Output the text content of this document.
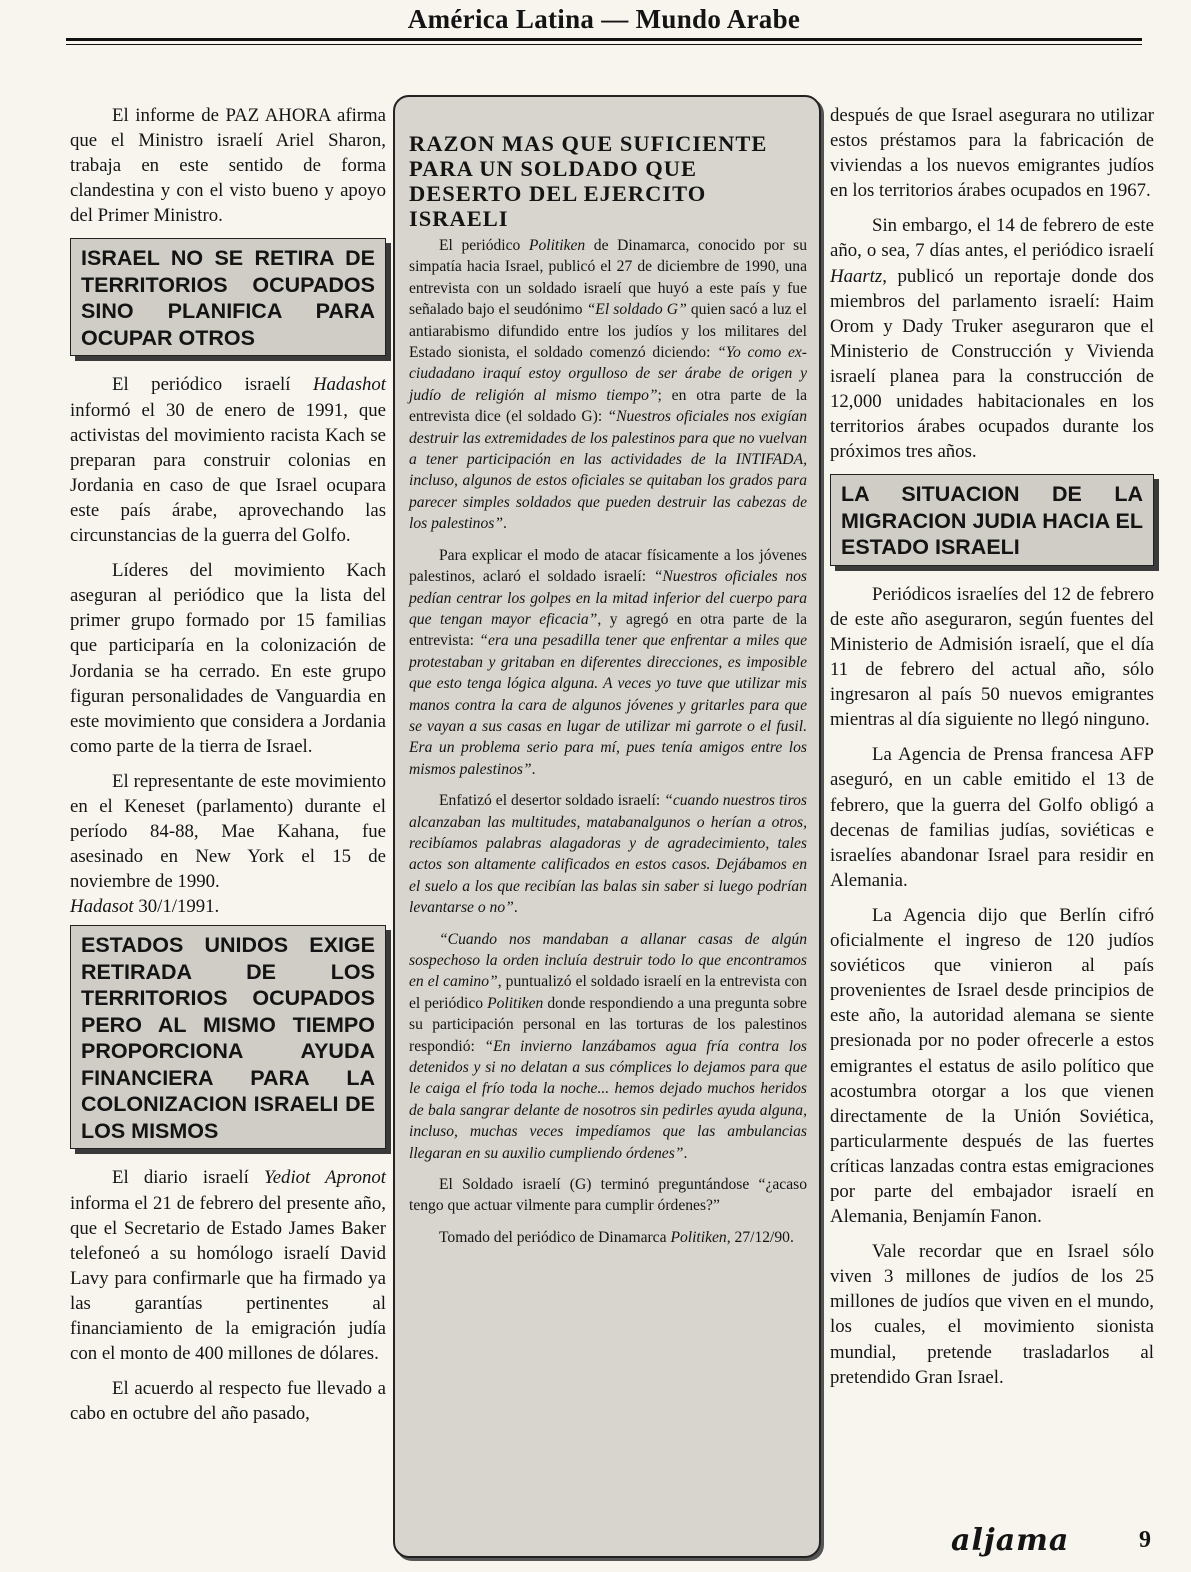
América Latina — Mundo Arabe

El informe de PAZ AHORA afirma que el Ministro israelí Ariel Sharon, trabaja en este sentido de forma clandestina y con el visto bueno y apoyo del Primer Ministro.

ISRAEL NO SE RETIRA DE TERRITORIOS OCUPADOS SINO PLANIFICA PARA OCUPAR OTROS

El periódico israelí Hadashot informó el 30 de enero de 1991, que activistas del movimiento racista Kach se preparan para construir colonias en Jordania en caso de que Israel ocupara este país árabe, aprovechando las circunstancias de la guerra del Golfo.

Líderes del movimiento Kach aseguran al periódico que la lista del primer grupo formado por 15 familias que participaría en la colonización de Jordania se ha cerrado. En este grupo figuran personalidades de Vanguardia en este movimiento que considera a Jordania como parte de la tierra de Israel.

El representante de este movimiento en el Keneset (parlamento) durante el período 84-88, Mae Kahana, fue asesinado en New York el 15 de noviembre de 1990.

Hadasot 30/1/1991.

ESTADOS UNIDOS EXIGE RETIRADA DE LOS TERRITORIOS OCUPADOS PERO AL MISMO TIEMPO PROPORCIONA AYUDA FINANCIERA PARA LA COLONIZACION ISRAELI DE LOS MISMOS

El diario israelí Yediot Apronot informa el 21 de febrero del presente año, que el Secretario de Estado James Baker telefoneó a su homólogo israelí David Lavy para confirmarle que ha firmado ya las garantías pertinentes al financiamiento de la emigración judía con el monto de 400 millones de dólares.

El acuerdo al respecto fue llevado a cabo en octubre del año pasado,

RAZON MAS QUE SUFICIENTE PARA UN SOLDADO QUE DESERTO DEL EJERCITO ISRAELI

El periódico Politiken de Dinamarca, conocido por su simpatía hacia Israel, publicó el 27 de diciembre de 1990, una entrevista con un soldado israelí que huyó a este país y fue señalado bajo el seudónimo “El soldado G” quien sacó a luz el antiarabismo difundido entre los judíos y los militares del Estado sionista, el soldado comenzó diciendo: “Yo como ex-ciudadano iraquí estoy orgulloso de ser árabe de origen y judío de religión al mismo tiempo”; en otra parte de la entrevista dice (el soldado G): “Nuestros oficiales nos exigían destruir las extremidades de los palestinos para que no vuelvan a tener participación en las actividades de la INTIFADA, incluso, algunos de estos oficiales se quitaban los grados para parecer simples soldados que pueden destruir las cabezas de los palestinos”.

Para explicar el modo de atacar físicamente a los jóvenes palestinos, aclaró el soldado israelí: “Nuestros oficiales nos pedían centrar los golpes en la mitad inferior del cuerpo para que tengan mayor eficacia”, y agregó en otra parte de la entrevista: “era una pesadilla tener que enfrentar a miles que protestaban y gritaban en diferentes direcciones, es imposible que esto tenga lógica alguna. A veces yo tuve que utilizar mis manos contra la cara de algunos jóvenes y gritarles para que se vayan a sus casas en lugar de utilizar mi garrote o el fusil. Era un problema serio para mí, pues tenía amigos entre los mismos palestinos”.

Enfatizó el desertor soldado israelí: “cuando nuestros tiros alcanzaban las multitudes, matabanalgunos o herían a otros, recibíamos palabras alagadoras y de agradecimiento, tales actos son altamente calificados en estos casos. Dejábamos en el suelo a los que recibían las balas sin saber si luego podrían levantarse o no”.

“Cuando nos mandaban a allanar casas de algún sospechoso la orden incluía destruir todo lo que encontramos en el camino”, puntualizó el soldado israelí en la entrevista con el periódico Politiken donde respondiendo a una pregunta sobre su participación personal en las torturas de los palestinos respondió: “En invierno lanzábamos agua fría contra los detenidos y si no delatan a sus cómplices lo dejamos para que le caiga el frío toda la noche... hemos dejado muchos heridos de bala sangrar delante de nosotros sin pedirles ayuda alguna, incluso, muchas veces impedíamos que las ambulancias llegaran en su auxilio cumpliendo órdenes”.

El Soldado israelí (G) terminó preguntándose “¿acaso tengo que actuar vilmente para cumplir órdenes?”

Tomado del periódico de Dinamarca Politiken, 27/12/90.

después de que Israel asegurara no utilizar estos préstamos para la fabricación de viviendas a los nuevos emigrantes judíos en los territorios árabes ocupados en 1967.

Sin embargo, el 14 de febrero de este año, o sea, 7 días antes, el periódico israelí Haartz, publicó un reportaje donde dos miembros del parlamento israelí: Haim Orom y Dady Truker aseguraron que el Ministerio de Construcción y Vivienda israelí planea para la construcción de 12,000 unidades habitacionales en los territorios árabes ocupados durante los próximos tres años.

LA SITUACION DE LA MIGRACION JUDIA HACIA EL ESTADO ISRAELI

Periódicos israelíes del 12 de febrero de este año aseguraron, según fuentes del Ministerio de Admisión israelí, que el día 11 de febrero del actual año, sólo ingresaron al país 50 nuevos emigrantes mientras al día siguiente no llegó ninguno.

La Agencia de Prensa francesa AFP aseguró, en un cable emitido el 13 de febrero, que la guerra del Golfo obligó a decenas de familias judías, soviéticas e israelíes abandonar Israel para residir en Alemania.

La Agencia dijo que Berlín cifró oficialmente el ingreso de 120 judíos soviéticos que vinieron al país provenientes de Israel desde principios de este año, la autoridad alemana se siente presionada por no poder ofrecerle a estos emigrantes el estatus de asilo político que acostumbra otorgar a los que vienen directamente de la Unión Soviética, particularmente después de las fuertes críticas lanzadas contra estas emigraciones por parte del embajador israelí en Alemania, Benjamín Fanon.

Vale recordar que en Israel sólo viven 3 millones de judíos de los 25 millones de judíos que viven en el mundo, los cuales, el movimiento sionista mundial, pretende trasladarlos al pretendido Gran Israel.

aljama	9
